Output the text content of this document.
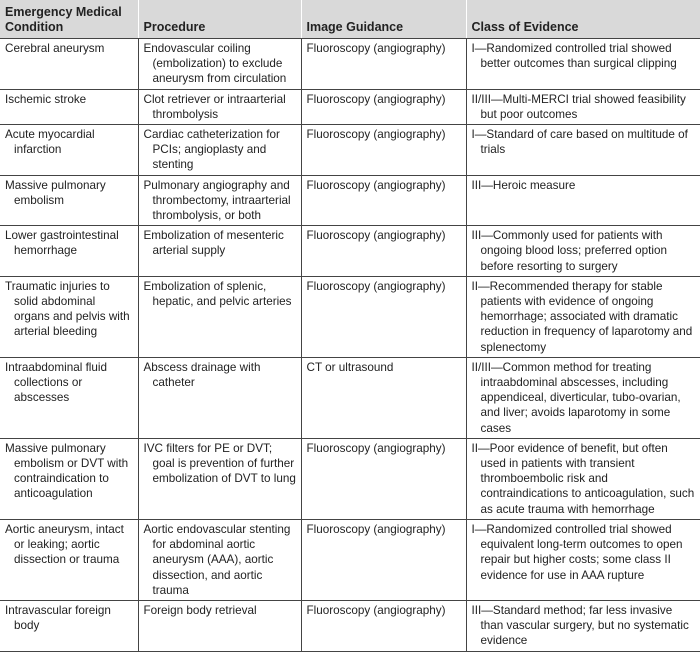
Emergency Medical Condition	Procedure	Image Guidance	Class of Evidence

Cerebral aneurysm	Endovascular coiling (embolization) to exclude aneurysm from circulation	Fluoroscopy (angiography)	I—Randomized controlled trial showed better outcomes than surgical clipping

Ischemic stroke	Clot retriever or intraarterial thrombolysis	Fluoroscopy (angiography)	II/III—Multi-MERCI trial showed feasibility but poor outcomes

Acute myocardial infarction	Cardiac catheterization for PCIs; angioplasty and stenting	Fluoroscopy (angiography)	I—Standard of care based on multitude of trials

Massive pulmonary embolism	Pulmonary angiography and thrombectomy, intraarterial thrombolysis, or both	Fluoroscopy (angiography)	III—Heroic measure

Lower gastrointestinal hemorrhage	Embolization of mesenteric arterial supply	Fluoroscopy (angiography)	III—Commonly used for patients with ongoing blood loss; preferred option before resorting to surgery

Traumatic injuries to solid abdominal organs and pelvis with arterial bleeding	Embolization of splenic, hepatic, and pelvic arteries	Fluoroscopy (angiography)	II—Recommended therapy for stable patients with evidence of ongoing hemorrhage; associated with dramatic reduction in frequency of laparotomy and splenectomy

Intraabdominal fluid collections or abscesses	Abscess drainage with catheter	CT or ultrasound	II/III—Common method for treating intraabdominal abscesses, including appendiceal, diverticular, tubo-ovarian, and liver; avoids laparotomy in some cases

Massive pulmonary embolism or DVT with contraindication to anticoagulation	IVC filters for PE or DVT; goal is prevention of further embolization of DVT to lung	Fluoroscopy (angiography)	II—Poor evidence of benefit, but often used in patients with transient thromboembolic risk and contraindications to anticoagulation, such as acute trauma with hemorrhage

Aortic aneurysm, intact or leaking; aortic dissection or trauma	Aortic endovascular stenting for abdominal aortic aneurysm (AAA), aortic dissection, and aortic trauma	Fluoroscopy (angiography)	I—Randomized controlled trial showed equivalent long-term outcomes to open repair but higher costs; some class II evidence for use in AAA rupture

Intravascular foreign body	Foreign body retrieval	Fluoroscopy (angiography)	III—Standard method; far less invasive than vascular surgery, but no systematic evidence
